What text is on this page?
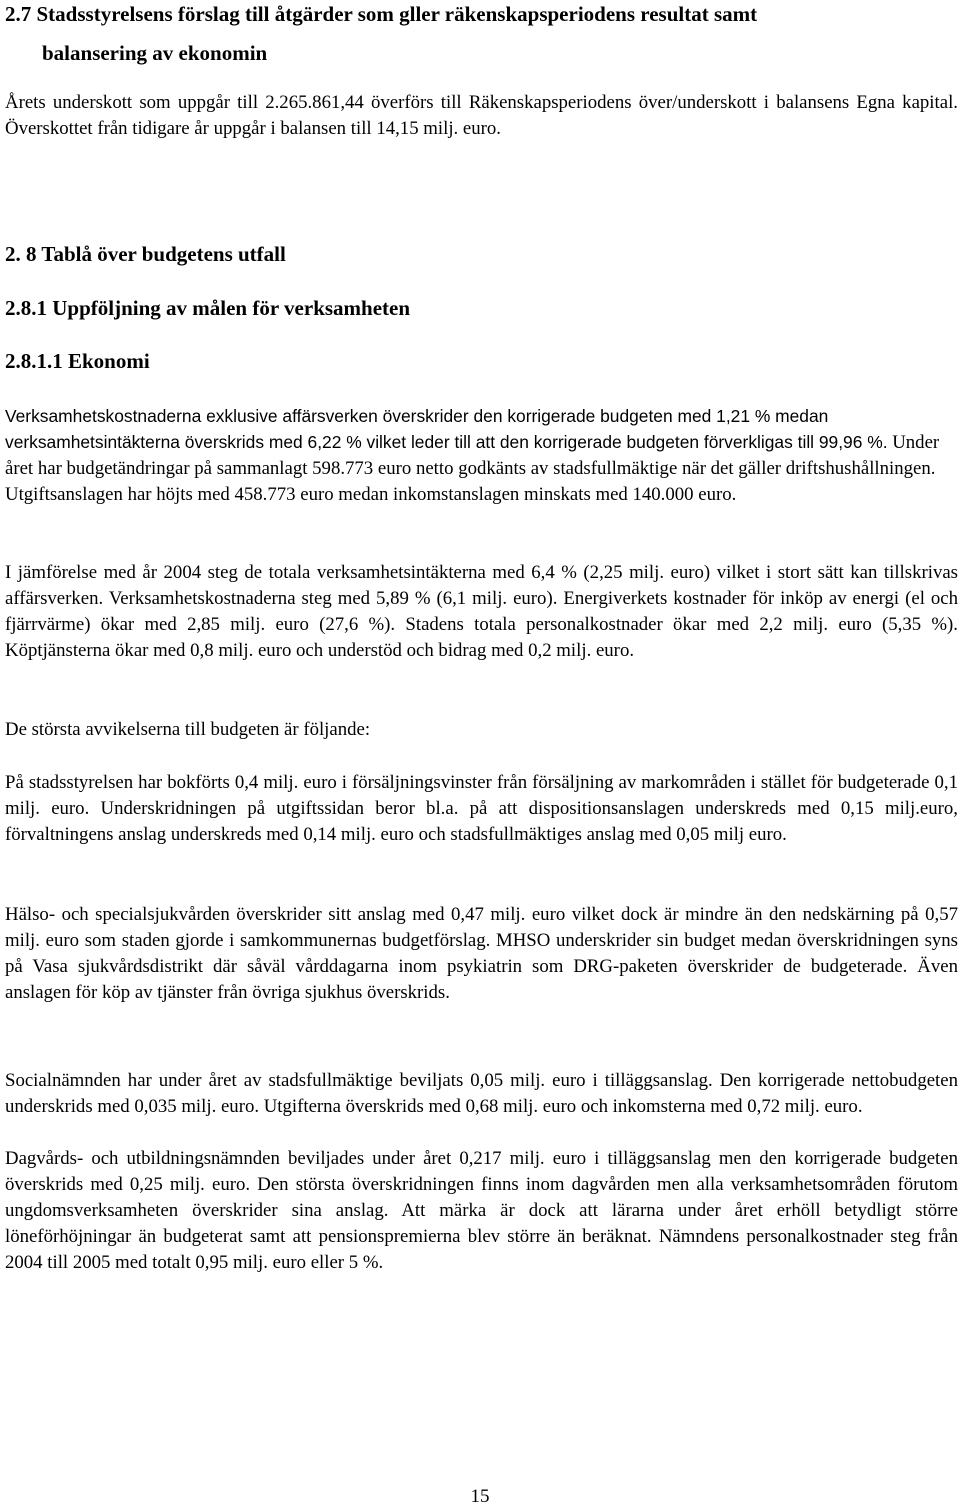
2.7 Stadsstyrelsens förslag till åtgärder som gller räkenskapsperiodens resultat samt
balansering av ekonomin

Årets underskott som uppgår till 2.265.861,44 överförs till Räkenskapsperiodens över/underskott i balansens Egna kapital. Överskottet från tidigare år uppgår i balansen till 14,15 milj. euro.

2. 8 Tablå över budgetens utfall
2.8.1 Uppföljning av målen för verksamheten
2.8.1.1 Ekonomi

Verksamhetskostnaderna exklusive affärsverken överskrider den korrigerade budgeten med 1,21 % medan verksamhetsintäkterna överskrids med 6,22 % vilket leder till att den korrigerade budgeten förverkligas till 99,96 %. Under året har budgetändringar på sammanlagt 598.773 euro netto godkänts av stadsfullmäktige när det gäller driftshushållningen. Utgiftsanslagen har höjts med 458.773 euro medan inkomstanslagen minskats med 140.000 euro.

I jämförelse med år 2004 steg de totala verksamhetsintäkterna med 6,4 % (2,25 milj. euro) vilket i stort sätt kan tillskrivas affärsverken. Verksamhetskostnaderna steg med 5,89 % (6,1 milj. euro). Energiverkets kostnader för inköp av energi (el och fjärrvärme) ökar med 2,85 milj. euro (27,6 %). Stadens totala personalkostnader ökar med 2,2 milj. euro (5,35 %). Köptjänsterna ökar med 0,8 milj. euro och understöd och bidrag med 0,2 milj. euro.

De största avvikelserna till budgeten är följande:

På stadsstyrelsen har bokförts 0,4 milj. euro i försäljningsvinster från försäljning av markområden i stället för budgeterade 0,1 milj. euro. Underskridningen på utgiftssidan beror bl.a. på att dispositionsanslagen underskreds med 0,15 milj.euro, förvaltningens anslag underskreds med 0,14 milj. euro och stadsfullmäktiges anslag med 0,05 milj euro.

Hälso- och specialsjukvården överskrider sitt anslag med 0,47 milj. euro vilket dock är mindre än den nedskärning på 0,57 milj. euro som staden gjorde i samkommunernas budgetförslag. MHSO underskrider sin budget medan överskridningen syns på Vasa sjukvårdsdistrikt där såväl vårddagarna inom psykiatrin som DRG-paketen överskrider de budgeterade. Även anslagen för köp av tjänster från övriga sjukhus överskrids.

Socialnämnden har under året av stadsfullmäktige beviljats 0,05 milj. euro i tilläggsanslag. Den korrigerade nettobudgeten underskrids med 0,035 milj. euro. Utgifterna överskrids med 0,68 milj. euro och inkomsterna med 0,72 milj. euro.

Dagvårds- och utbildningsnämnden beviljades under året 0,217 milj. euro i tilläggsanslag men den korrigerade budgeten överskrids med 0,25 milj. euro. Den största överskridningen finns inom dagvården men alla verksamhetsområden förutom ungdomsverksamheten överskrider sina anslag. Att märka är dock att lärarna under året erhöll betydligt större löneförhöjningar än budgeterat samt att pensionspremierna blev större än beräknat. Nämndens personalkostnader steg från 2004 till 2005 med totalt 0,95 milj. euro eller 5 %.

15
